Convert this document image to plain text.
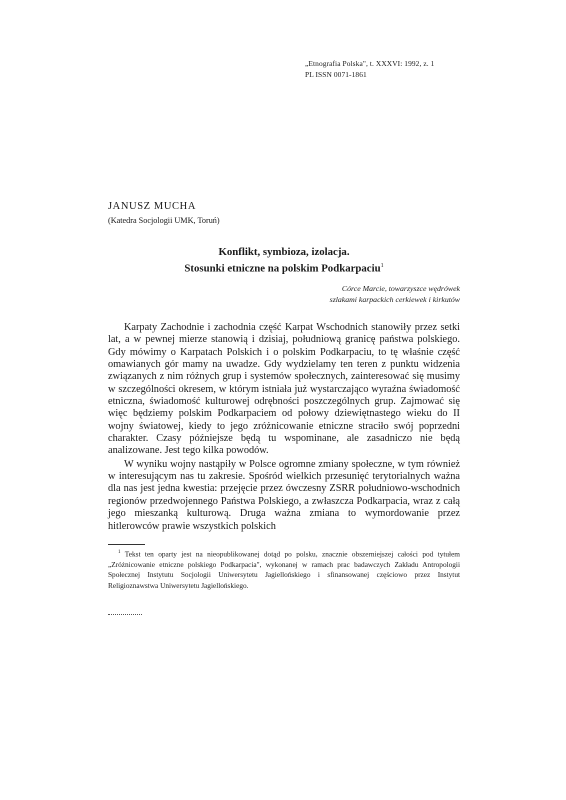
„Etnografia Polska", t. XXXVI: 1992, z. 1
PL ISSN 0071-1861
JANUSZ MUCHA
(Katedra Socjologii UMK, Toruń)
Konflikt, symbioza, izolacja.
Stosunki etniczne na polskim Podkarpaciu$^1$
Córce Marcie, towarzyszce wędrówek
szlakami karpackich cerkiewek i kirkutów

Karpaty Zachodnie i zachodnia część Karpat Wschodnich stanowiły przez setki lat, a w pewnej mierze stanowią i dzisiaj, południową granicę państwa polskiego. Gdy mówimy o Karpatach Polskich i o polskim Podkarpaciu, to tę właśnie część omawianych gór mamy na uwadze. Gdy wydzielamy ten teren z punktu widzenia związanych z nim różnych grup i systemów społecznych, zainteresować się musimy w szczególności okresem, w którym istniała już wystarczająco wyraźna świadomość etniczna, świadomość kulturowej odrębności poszczególnych grup. Zajmować się więc będziemy polskim Podkarpaciem od połowy dziewiętnastego wieku do II wojny światowej, kiedy to jego zróżnicowanie etniczne straciło swój poprzedni charakter. Czasy późniejsze będą tu wspominane, ale zasadniczo nie będą analizowane. Jest tego kilka powodów.

W wyniku wojny nastąpiły w Polsce ogromne zmiany społeczne, w tym również w interesującym nas tu zakresie. Spośród wielkich przesunięć terytorialnych ważna dla nas jest jedna kwestia: przejęcie przez ówczesny ZSRR południowo-wschodnich regionów przedwojennego Państwa Polskiego, a zwłaszcza Podkarpacia, wraz z całą jego mieszanką kulturową. Druga ważna zmiana to wymordowanie przez hitlerowców prawie wszystkich polskich

$^1$ Tekst ten oparty jest na nieopublikowanej dotąd po polsku, znacznie obszerniejszej całości pod tytułem „Zróżnicowanie etniczne polskiego Podkarpacia", wykonanej w ramach prac badawczych Zakładu Antropologii Społecznej Instytutu Socjologii Uniwersytetu Jagiellońskiego i sfinansowanej częściowo przez Instytut Religioznawstwa Uniwersytetu Jagiellońskiego.
